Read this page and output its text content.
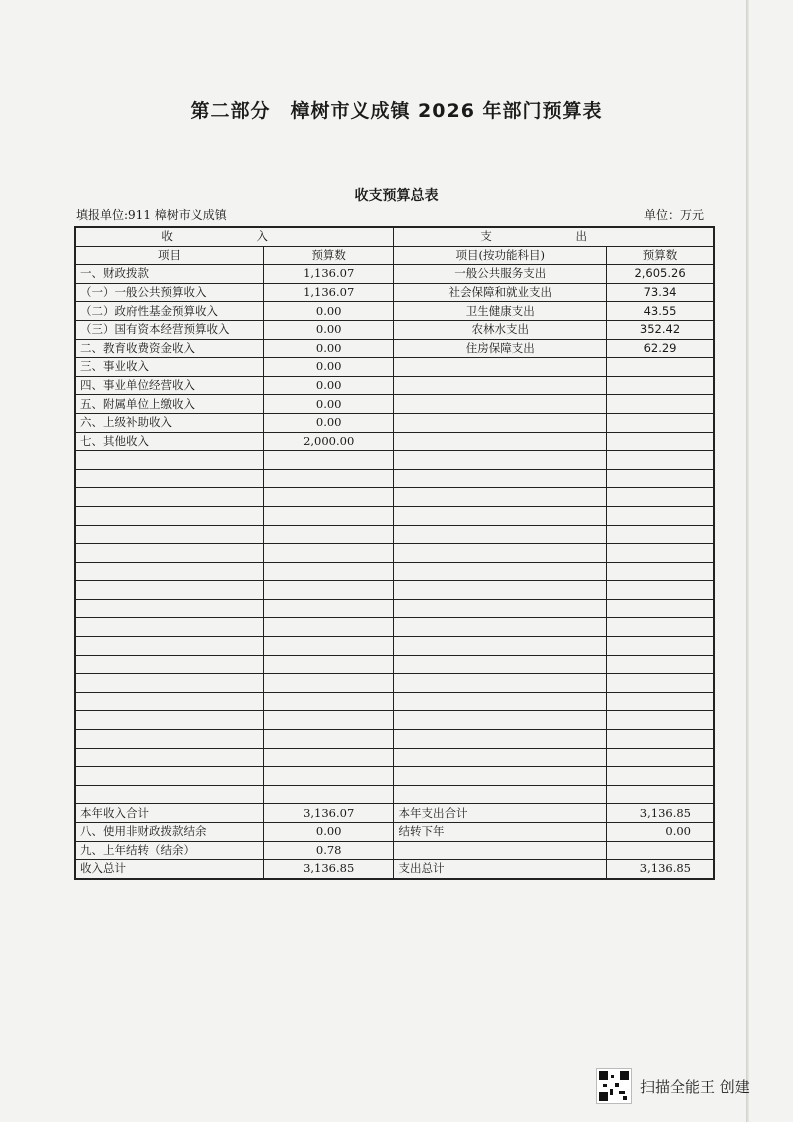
第二部分　樟树市义成镇 2026 年部门预算表
收支预算总表
填报单位:911 樟树市义成镇	单位：万元
收 入		支 出	
项目	预算数	项目(按功能科目)	预算数
一、财政拨款	1,136.07	一般公共服务支出	2,605.26
（一）一般公共预算收入	1,136.07	社会保障和就业支出	73.34
（二）政府性基金预算收入	0.00	卫生健康支出	43.55
（三）国有资本经营预算收入	0.00	农林水支出	352.42
二、教育收费资金收入	0.00	住房保障支出	62.29
三、事业收入	0.00		
四、事业单位经营收入	0.00		
五、附属单位上缴收入	0.00		
六、上级补助收入	0.00		
七、其他收入	2,000.00		

本年收入合计	3,136.07	本年支出合计	3,136.85
八、使用非财政拨款结余	0.00	结转下年	0.00
九、上年结转（结余）	0.78		
收入总计	3,136.85	支出总计	3,136.85
扫描全能王 创建
